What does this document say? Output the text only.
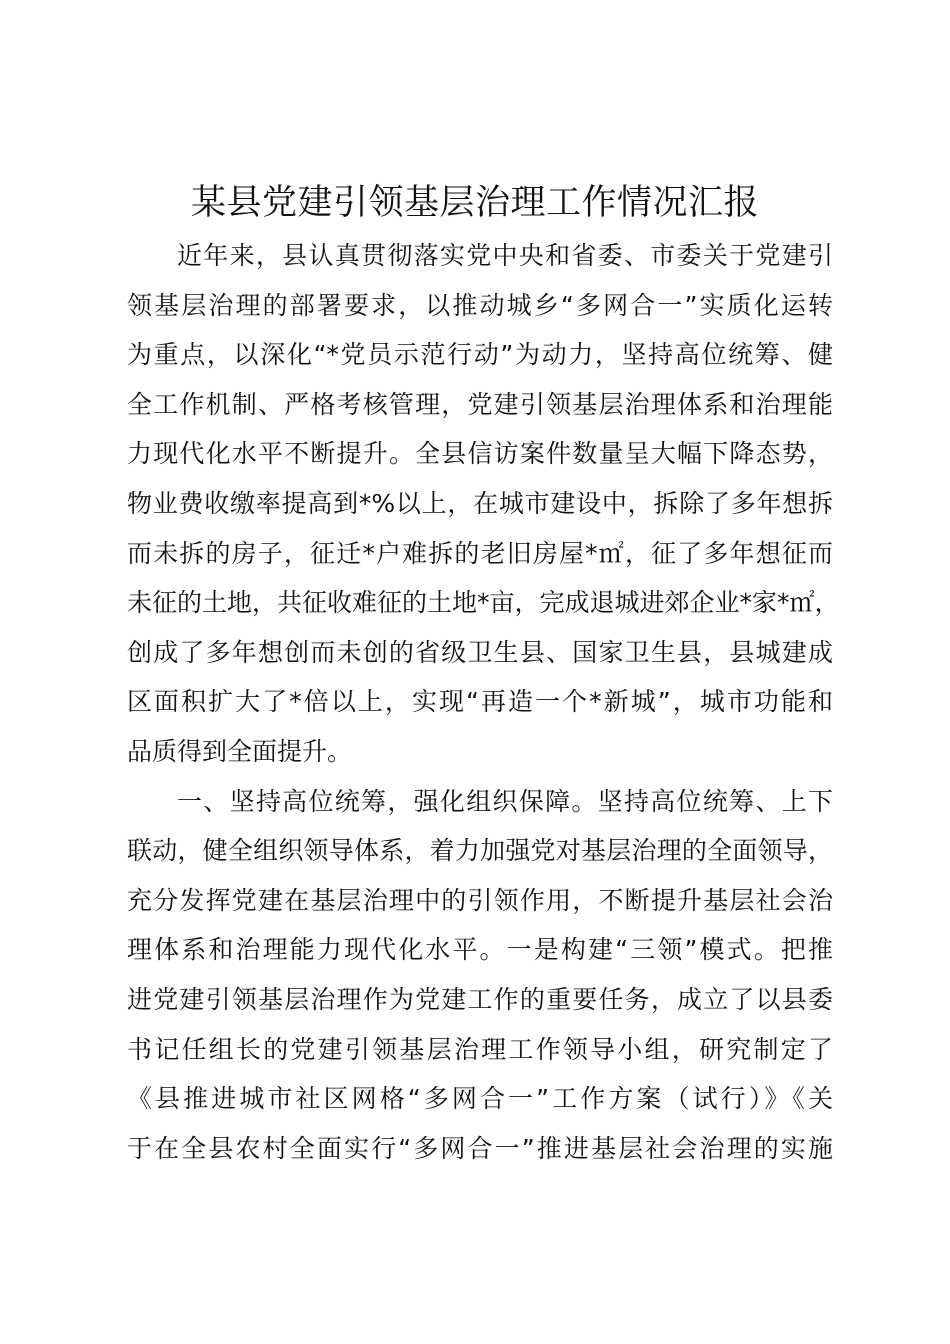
某县党建引领基层治理工作情况汇报
近年来，县认真贯彻落实党中央和省委、市委关于党建引
领基层治理的部署要求，以推动城乡“多网合一”实质化运转
为重点，以深化“*党员示范行动”为动力，坚持高位统筹、健
全工作机制、严格考核管理，党建引领基层治理体系和治理能
力现代化水平不断提升。全县信访案件数量呈大幅下降态势，
物业费收缴率提高到*%以上，在城市建设中，拆除了多年想拆
而未拆的房子，征迁*户难拆的老旧房屋*㎡，征了多年想征而
未征的土地，共征收难征的土地*亩，完成退城进郊企业*家*㎡，
创成了多年想创而未创的省级卫生县、国家卫生县，县城建成
区面积扩大了*倍以上，实现“再造一个*新城”，城市功能和
品质得到全面提升。
一、坚持高位统筹，强化组织保障。坚持高位统筹、上下
联动，健全组织领导体系，着力加强党对基层治理的全面领导，
充分发挥党建在基层治理中的引领作用，不断提升基层社会治
理体系和治理能力现代化水平。一是构建“三领”模式。把推
进党建引领基层治理作为党建工作的重要任务，成立了以县委
书记任组长的党建引领基层治理工作领导小组，研究制定了
《县推进城市社区网格“多网合一”工作方案（试行）》《关
于在全县农村全面实行“多网合一”推进基层社会治理的实施
